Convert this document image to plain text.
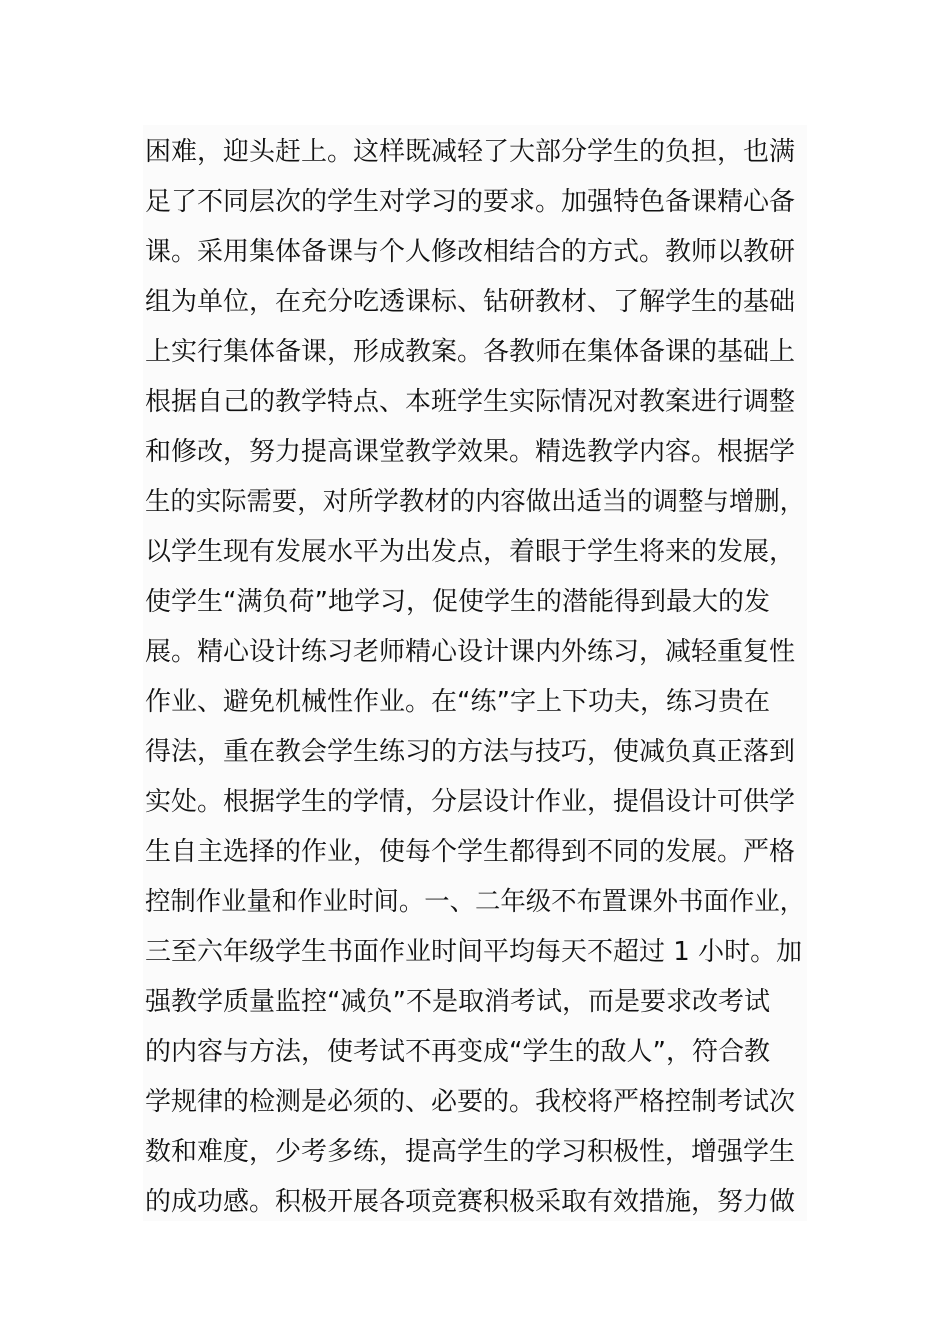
困难，迎头赶上。这样既减轻了大部分学生的负担，也满
足了不同层次的学生对学习的要求。加强特色备课精心备
课。采用集体备课与个人修改相结合的方式。教师以教研
组为单位，在充分吃透课标、钻研教材、了解学生的基础
上实行集体备课，形成教案。各教师在集体备课的基础上
根据自己的教学特点、本班学生实际情况对教案进行调整
和修改，努力提高课堂教学效果。精选教学内容。根据学
生的实际需要，对所学教材的内容做出适当的调整与增删，
以学生现有发展水平为出发点，着眼于学生将来的发展，
使学生“满负荷”地学习，促使学生的潜能得到最大的发
展。精心设计练习老师精心设计课内外练习，减轻重复性
作业、避免机械性作业。在“练”字上下功夫，练习贵在
得法，重在教会学生练习的方法与技巧，使减负真正落到
实处。根据学生的学情，分层设计作业，提倡设计可供学
生自主选择的作业，使每个学生都得到不同的发展。严格
控制作业量和作业时间。一、二年级不布置课外书面作业，
三至六年级学生书面作业时间平均每天不超过 1 小时。加
强教学质量监控“减负”不是取消考试，而是要求改考试
的内容与方法，使考试不再变成“学生的敌人”，符合教
学规律的检测是必须的、必要的。我校将严格控制考试次
数和难度，少考多练，提高学生的学习积极性，增强学生
的成功感。积极开展各项竞赛积极采取有效措施，努力做
